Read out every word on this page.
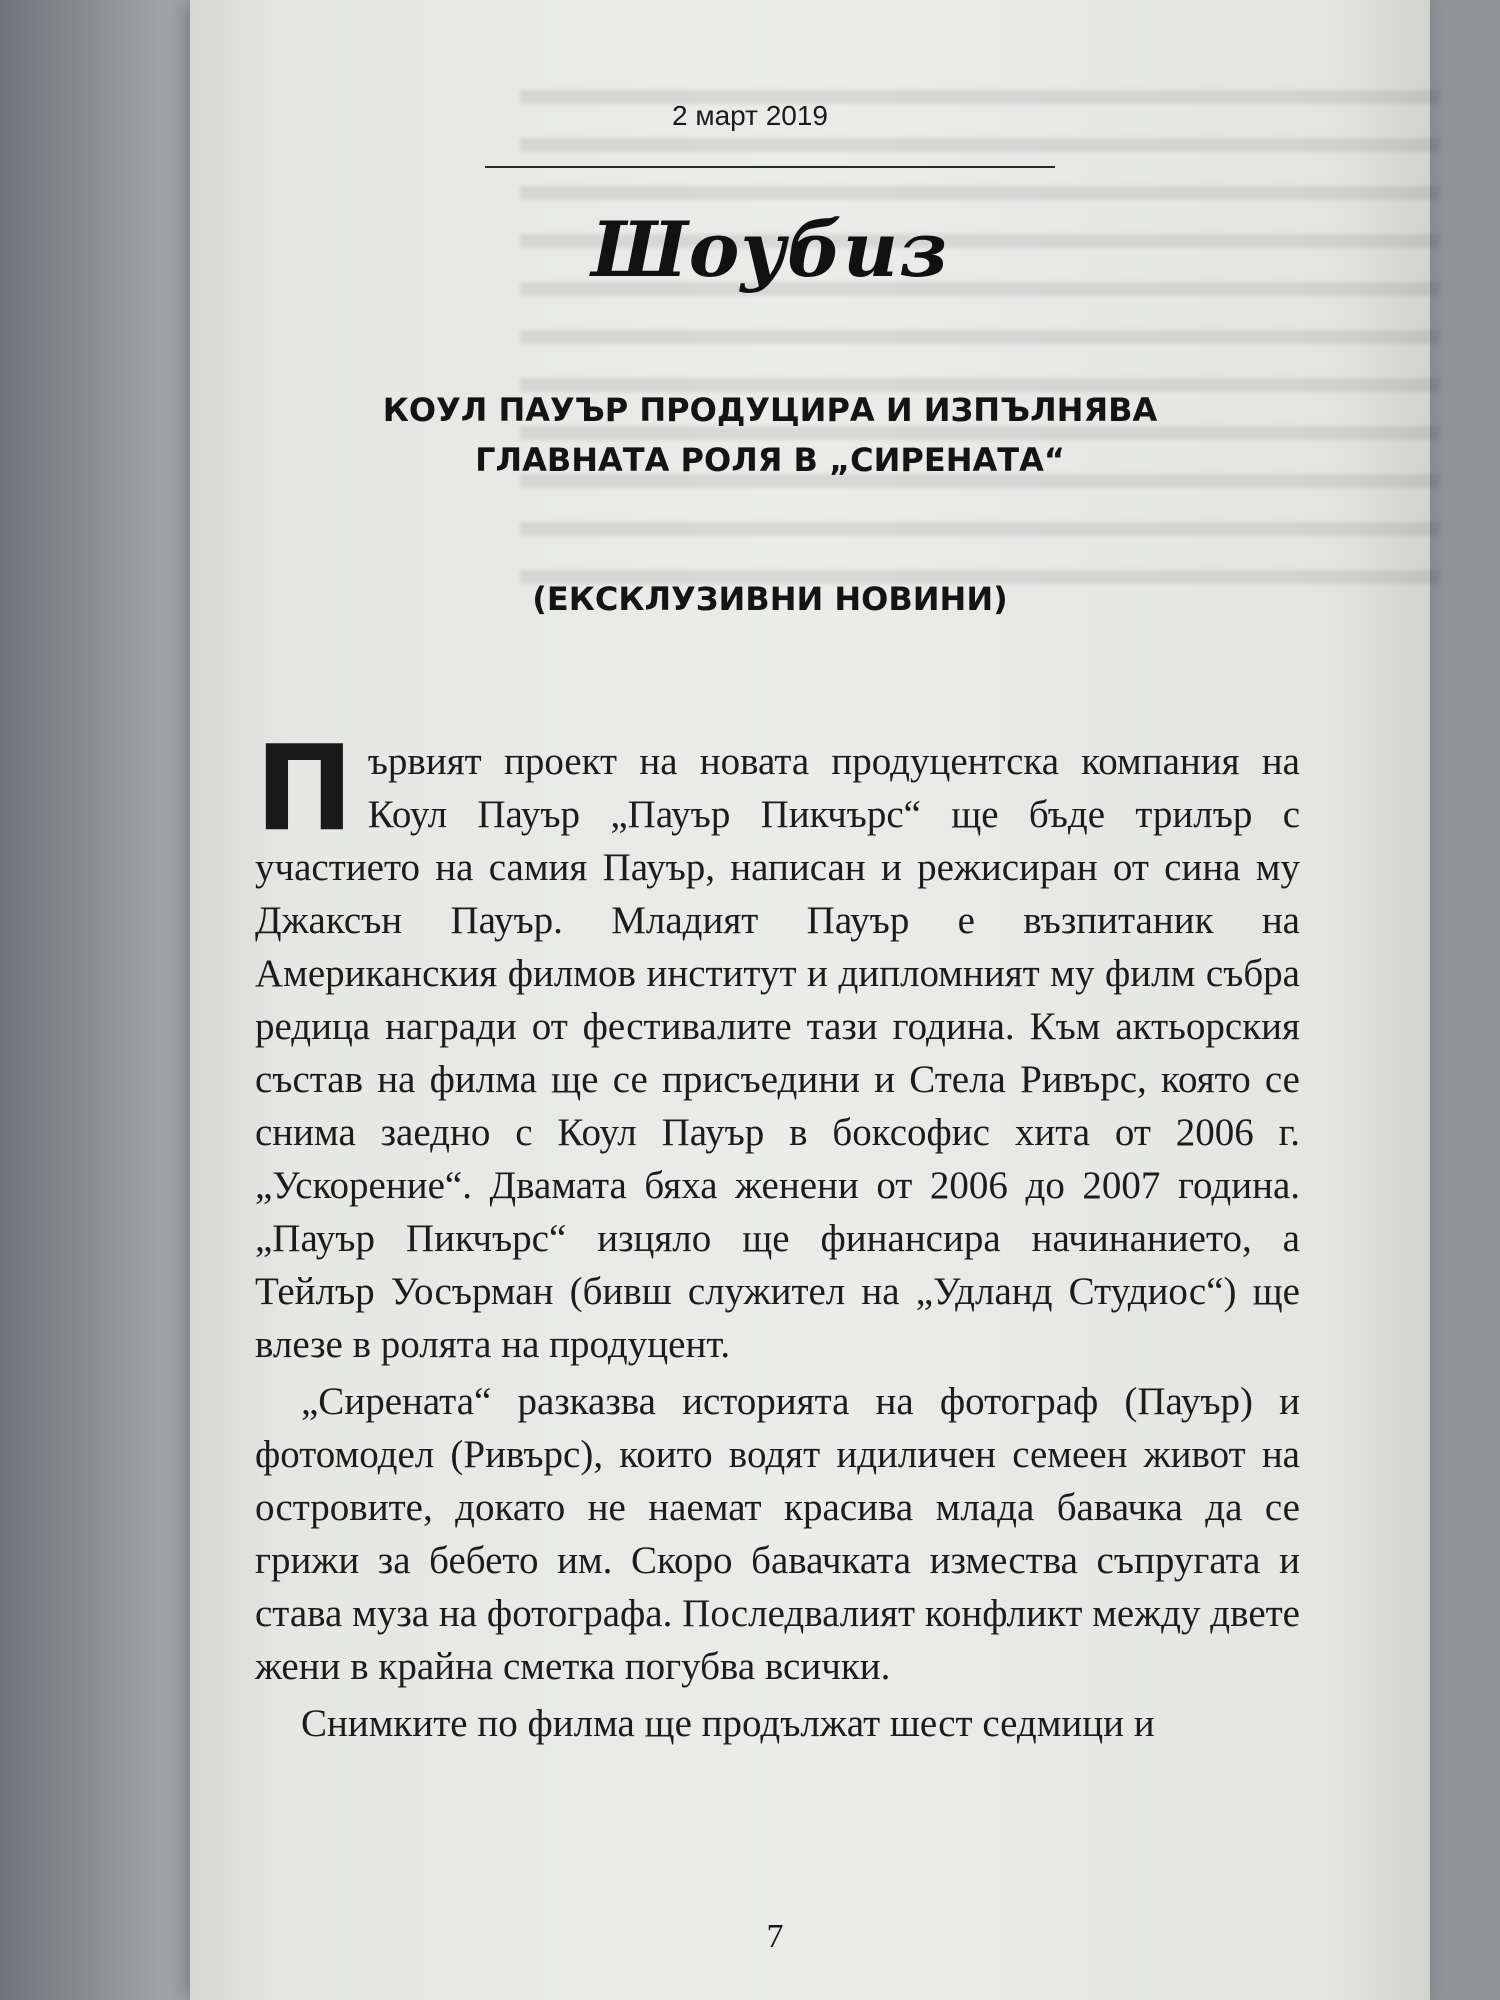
2 март 2019
Шоубиз
КОУЛ ПАУЪР ПРОДУЦИРА И ИЗПЪЛНЯВА ГЛАВНАТА РОЛЯ В „СИРЕНАТА“
(ЕКСКЛУЗИВНИ НОВИНИ)

Първият проект на новата продуцентска компания на Коул Пауър „Пауър Пикчърс“ ще бъде трилър с участието на самия Пауър, написан и режисиран от сина му Джаксън Пауър. Младият Пауър е възпитаник на Американския филмов институт и дипломният му филм събра редица награди от фестивалите тази година. Към актьорския състав на филма ще се присъедини и Стела Ривърс, която се снима заедно с Коул Пауър в боксофис хита от 2006 г. „Ускорение“. Двамата бяха женени от 2006 до 2007 година. „Пауър Пикчърс“ изцяло ще финансира начинанието, а Тейлър Уосърман (бивш служител на „Удланд Студиос“) ще влезе в ролята на продуцент.

„Сирената“ разказва историята на фотограф (Пауър) и фотомодел (Ривърс), които водят идиличен семеен живот на островите, докато не наемат красива млада бавачка да се грижи за бебето им. Скоро бавачката измества съпругата и става муза на фотографа. Последвалият конфликт между двете жени в крайна сметка погубва всички.

Снимките по филма ще продължат шест седмици и

7
